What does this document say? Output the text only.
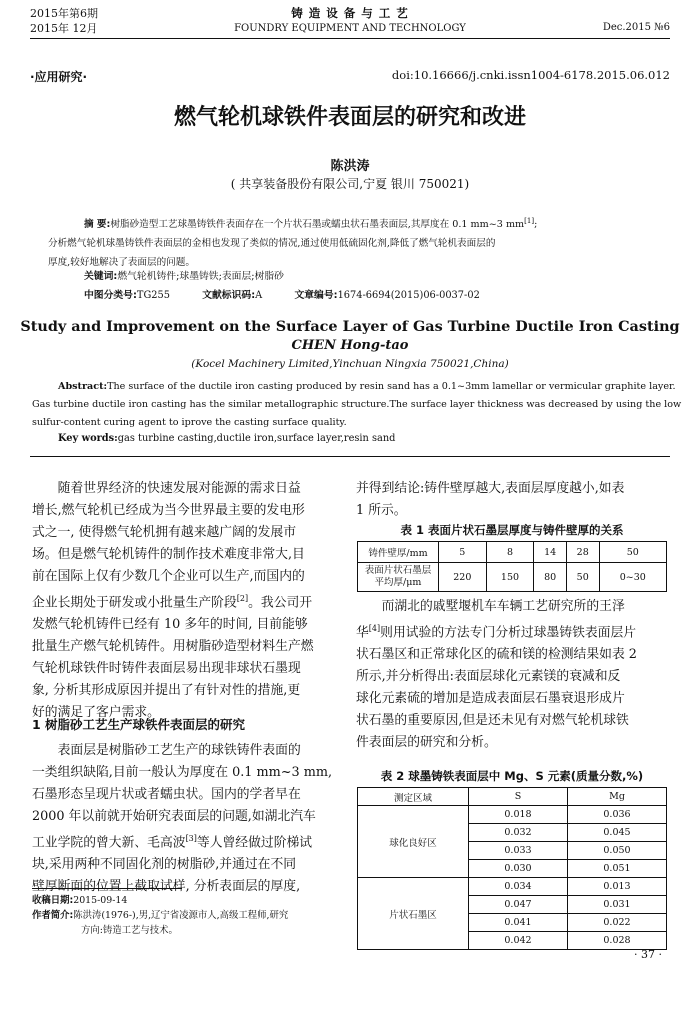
2015年第6期
2015年 12月
铸 造 设 备 与 工 艺
FOUNDRY EQUIPMENT AND TECHNOLOGY	Dec.2015 №6
·应用研究·	doi:10.16666/j.cnki.issn1004-6178.2015.06.012
燃气轮机球铁件表面层的研究和改进
陈洪涛
( 共享装备股份有限公司,宁夏 银川 750021)
摘 要:树脂砂造型工艺球墨铸铁件表面存在一个片状石墨或蠕虫状石墨表面层,其厚度在 0.1 mm~3 mm[1];
分析燃气轮机球墨铸铁件表面层的金相也发现了类似的情况,通过使用低硫固化剂,降低了燃气轮机表面层的
厚度,较好地解决了表面层的问题。
关键词:燃气轮机铸件;球墨铸铁;表面层;树脂砂
中图分类号:TG255	文献标识码:A	文章编号:1674-6694(2015)06-0037-02
Study and Improvement on the Surface Layer of Gas Turbine Ductile Iron Casting
CHEN Hong-tao
(Kocel Machinery Limited,Yinchuan Ningxia 750021,China)
Abstract:The surface of the ductile iron casting produced by resin sand has a 0.1~3mm lamellar or vermicular graphite layer.
Gas turbine ductile iron casting has the similar metallographic structure.The surface layer thickness was decreased by using the low
sulfur-content curing agent to iprove the casting surface quality.
Key words:gas turbine casting,ductile iron,surface layer,resin sand
随着世界经济的快速发展对能源的需求日益
增长,燃气轮机已经成为当今世界最主要的发电形
式之一, 使得燃气轮机拥有越来越广阔的发展市
场。但是燃气轮机铸件的制作技术难度非常大,目
前在国际上仅有少数几个企业可以生产,而国内的
企业长期处于研发或小批量生产阶段[2]。我公司开
发燃气轮机铸件已经有 10 多年的时间, 目前能够
批量生产燃气轮机铸件。用树脂砂造型材料生产燃
气轮机球铁件时铸件表面层易出现非球状石墨现
象, 分析其形成原因并提出了有针对性的措施,更
好的满足了客户需求。
1 树脂砂工艺生产球铁件表面层的研究
表面层是树脂砂工艺生产的球铁铸件表面的
一类组织缺陷,目前一般认为厚度在 0.1 mm~3 mm,
石墨形态呈现片状或者蠕虫状。国内的学者早在
2000 年以前就开始研究表面层的问题,如湖北汽车
工业学院的曾大新、毛高波[3]等人曾经做过阶梯试
块,采用两种不同固化剂的树脂砂,并通过在不同
壁厚断面的位置上截取试样, 分析表面层的厚度,
收稿日期:2015-09-14
作者简介:陈洪涛(1976-),男,辽宁省凌源市人,高级工程师,研究
方向:铸造工艺与技术。
并得到结论:铸件壁厚越大,表面层厚度越小,如表
1 所示。
表 1 表面片状石墨层厚度与铸件壁厚的关系
铸件壁厚/mm	5	8	14	28	50

表面片状石墨层
平均厚/μm	220	150	80	50	0~30
而湖北的戚墅堰机车车辆工艺研究所的王泽
华[4]则用试验的方法专门分析过球墨铸铁表面层片
状石墨区和正常球化区的硫和镁的检测结果如表 2
所示,并分析得出:表面层球化元素镁的衰减和反
球化元素硫的增加是造成表面层石墨衰退形成片
状石墨的重要原因,但是还未见有对燃气轮机球铁
件表面层的研究和分析。
表 2 球墨铸铁表面层中 Mg、S 元素(质量分数,%)
测定区域	S	Mg
球化良好区	0.018	0.036
	0.032	0.045
	0.033	0.050
	0.030	0.051
片状石墨区	0.034	0.013
	0.047	0.031
	0.041	0.022
	0.042	0.028
· 37 ·
